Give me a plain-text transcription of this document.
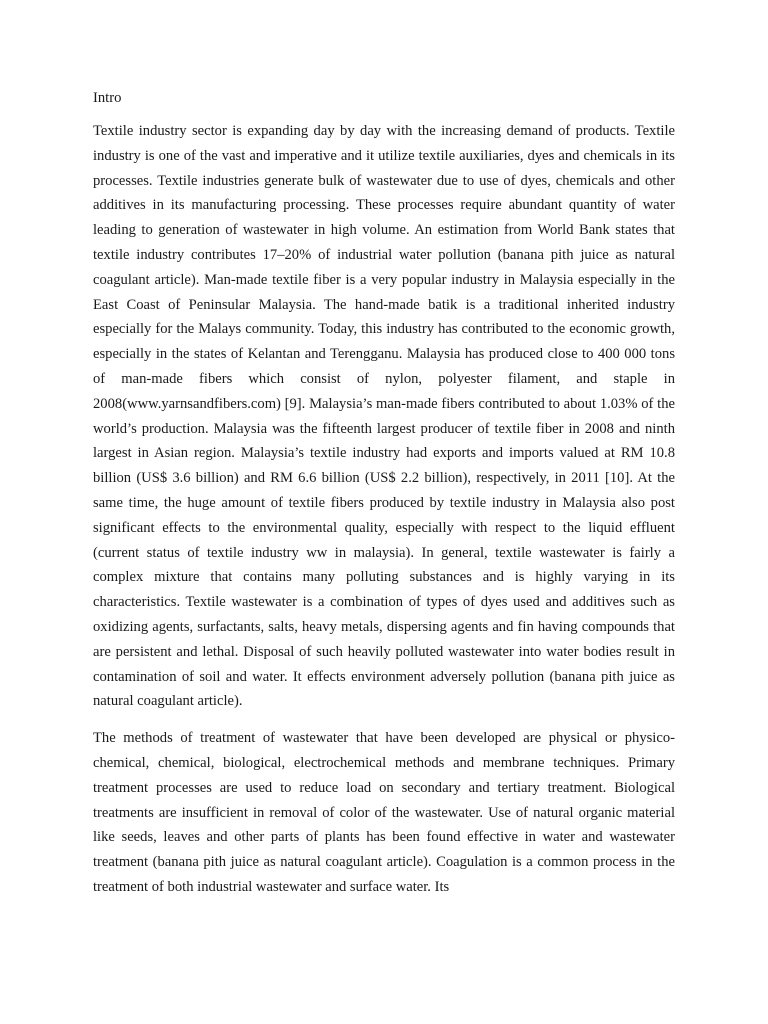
Intro

Textile industry sector is expanding day by day with the increasing demand of products. Textile industry is one of the vast and imperative and it utilize textile auxiliaries, dyes and chemicals in its processes. Textile industries generate bulk of wastewater due to use of dyes, chemicals and other additives in its manufacturing processing. These processes require abundant quantity of water leading to generation of wastewater in high volume. An estimation from World Bank states that textile industry contributes 17–20% of industrial water pollution (banana pith juice as natural coagulant article). Man-made textile fiber is a very popular industry in Malaysia especially in the East Coast of Peninsular Malaysia. The hand-made batik is a traditional inherited industry especially for the Malays community. Today, this industry has contributed to the economic growth, especially in the states of Kelantan and Terengganu. Malaysia has produced close to 400 000 tons of man-made fibers which consist of nylon, polyester filament, and staple in 2008(www.yarnsandfibers.com) [9]. Malaysia’s man-made fibers contributed to about 1.03% of the world’s production. Malaysia was the fifteenth largest producer of textile fiber in 2008 and ninth largest in Asian region. Malaysia’s textile industry had exports and imports valued at RM 10.8 billion (US$ 3.6 billion) and RM 6.6 billion (US$ 2.2 billion), respectively, in 2011 [10]. At the same time, the huge amount of textile fibers produced by textile industry in Malaysia also post significant effects to the environmental quality, especially with respect to the liquid effluent (current status of textile industry ww in malaysia). In general, textile wastewater is fairly a complex mixture that contains many polluting substances and is highly varying in its characteristics. Textile wastewater is a combination of types of dyes used and additives such as oxidizing agents, surfactants, salts, heavy metals, dispersing agents and fin having compounds that are persistent and lethal. Disposal of such heavily polluted wastewater into water bodies result in contamination of soil and water. It effects environment adversely pollution (banana pith juice as natural coagulant article).

The methods of treatment of wastewater that have been developed are physical or physico-chemical, chemical, biological, electrochemical methods and membrane techniques. Primary treatment processes are used to reduce load on secondary and tertiary treatment. Biological treatments are insufficient in removal of color of the wastewater. Use of natural organic material like seeds, leaves and other parts of plants has been found effective in water and wastewater treatment (banana pith juice as natural coagulant article). Coagulation is a common process in the treatment of both industrial wastewater and surface water. Its
